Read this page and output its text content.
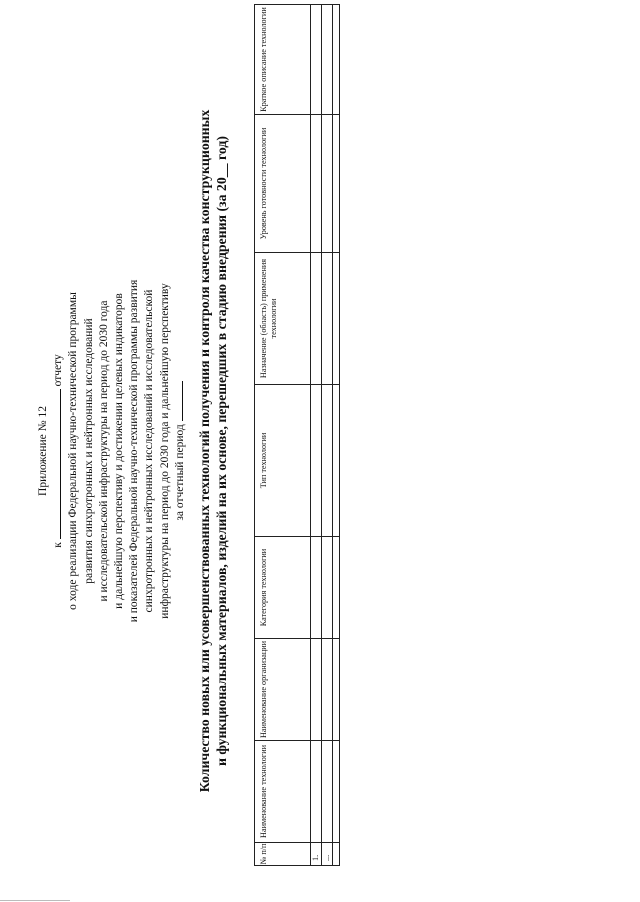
Приложение № 12
к  отчету о ходе реализации Федеральной научно-технической программы развития синхротронных и нейтронных исследований и исследовательской инфраструктуры на период до 2030 года и дальнейшую перспективу и достижении целевых индикаторов и показателей Федеральной научно-технической программы развития синхротронных и нейтронных исследований и исследовательской инфраструктуры на период до 2030 года и дальнейшую перспективу за отчетный период Количество новых или усовершенствованных технологий получения и контроля качества конструкционных и функциональных материалов, изделий на их основе, перешедших в стадию внедрения (за 20__ год)
№ п/п	Наименование технологии	Наименование организации	Категория технологии	Тип технологии	Назначение (область) применения технологии	Уровень готовности технологии	Краткое описание технологии
1.							
...							
